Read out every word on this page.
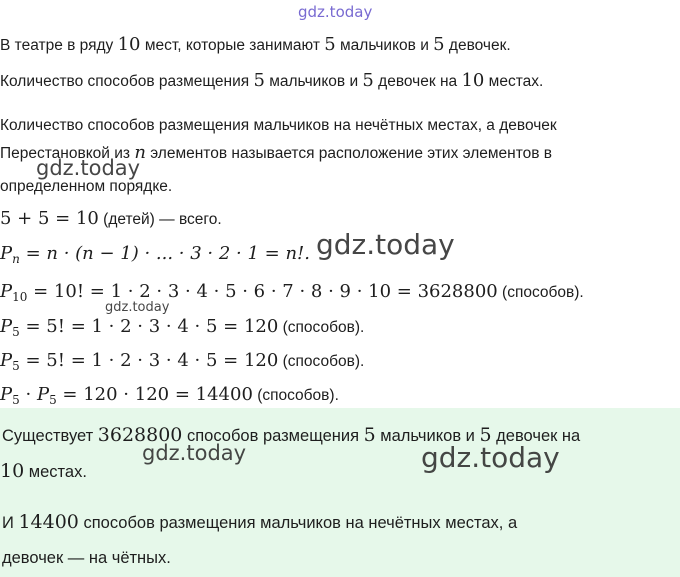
gdz.today
В театре в ряду 10 мест, которые занимают 5 мальчиков и 5 девочек.
Количество способов размещения 5 мальчиков и 5 девочек на 10 местах.
Количество способов размещения мальчиков на нечётных местах, а девочек
Перестановкой из n элементов называется расположение этих элементов в
gdz.today
определенном порядке.
5 + 5 = 10 (детей) — всего.
$P_n = n \cdot (n - 1)$ · ... · 3 · 2 · 1 = n!. gdz.today
$P_{10} = 10$! = 1 · 2 · 3 · 4 · 5 · 6 · 7 · 8 · 9 · 10 = 3628800 (способов).
gdz.today
$P_5 = 5$! = 1 · 2 · 3 · 4 · 5 = 120 (способов).
$P_5 = 5$! = 1 · 2 · 3 · 4 · 5 = 120 (способов).
$P_5 \cdot P_5 = 120 \cdot 120 = 14400$ (способов).
Существует 3628800 способов размещения 5 мальчиков и 5 девочек на
10 местах.
И 14400 способов размещения мальчиков на нечётных местах, а
девочек — на чётных.
gdz.today	gdz.today
